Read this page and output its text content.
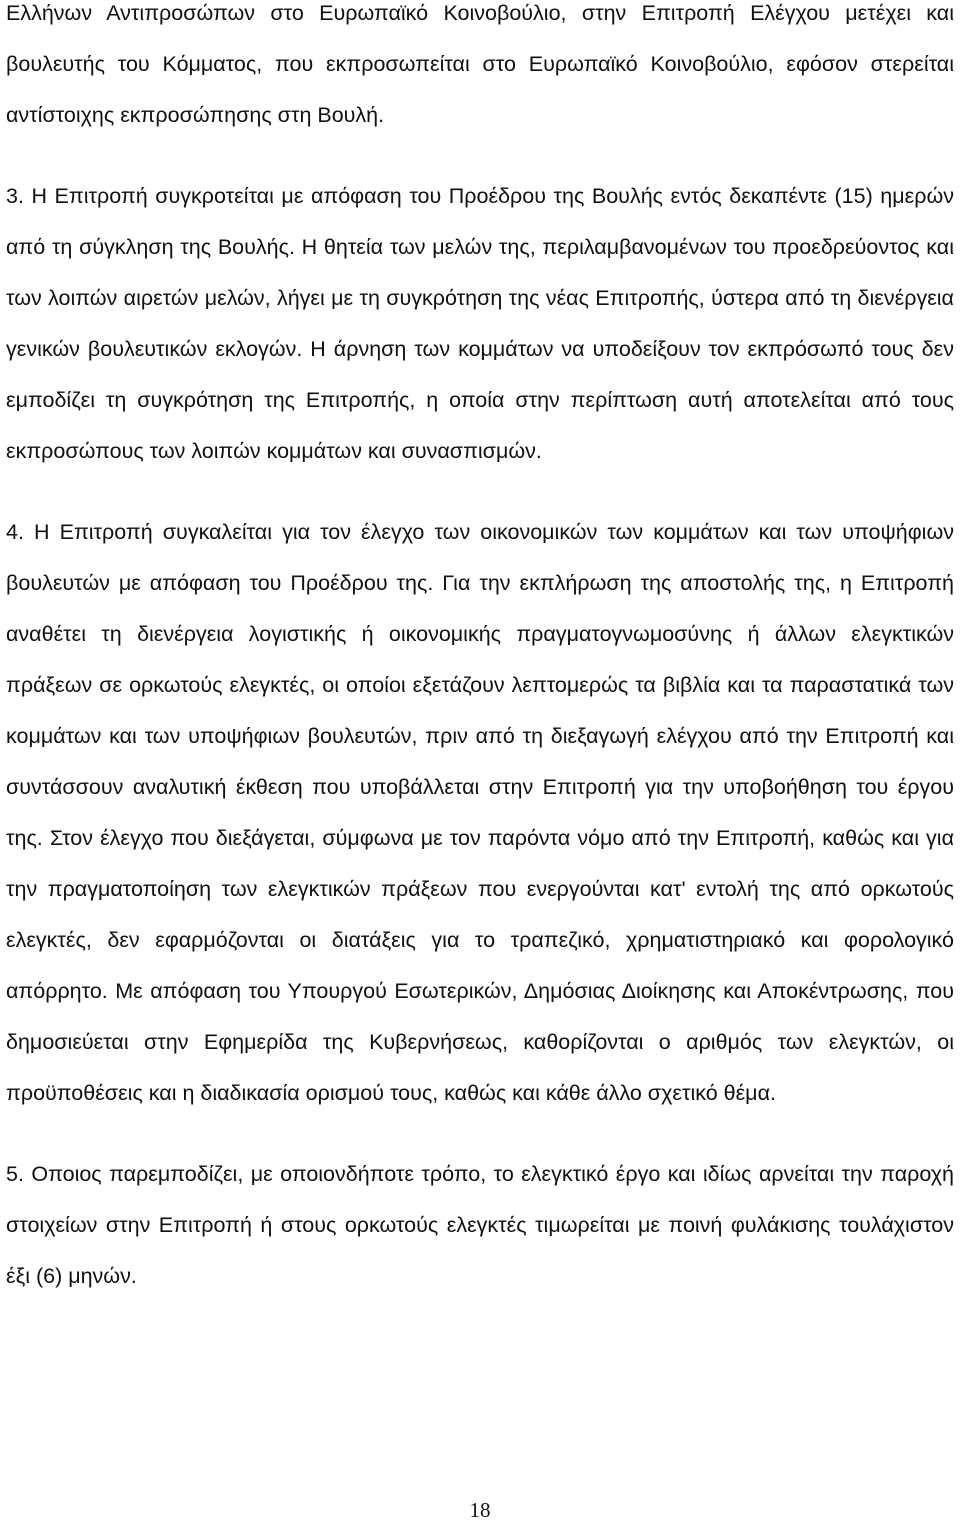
Ελλήνων Αντιπροσώπων στο Ευρωπαϊκό Κοινοβούλιο, στην Επιτροπή Ελέγχου μετέχει και βουλευτής του Κόμματος, που εκπροσωπείται στο Ευρωπαϊκό Κοινοβούλιο, εφόσον στερείται αντίστοιχης εκπροσώπησης στη Βουλή.

3. Η Επιτροπή συγκροτείται με απόφαση του Προέδρου της Βουλής εντός δεκαπέντε (15) ημερών από τη σύγκληση της Βουλής. Η θητεία των μελών της, περιλαμβανομένων του προεδρεύοντος και των λοιπών αιρετών μελών, λήγει με τη συγκρότηση της νέας Επιτροπής, ύστερα από τη διενέργεια γενικών βουλευτικών εκλογών. Η άρνηση των κομμάτων να υποδείξουν τον εκπρόσωπό τους δεν εμποδίζει τη συγκρότηση της Επιτροπής, η οποία στην περίπτωση αυτή αποτελείται από τους εκπροσώπους των λοιπών κομμάτων και συνασπισμών.

4. Η Επιτροπή συγκαλείται για τον έλεγχο των οικονομικών των κομμάτων και των υποψήφιων βουλευτών με απόφαση του Προέδρου της. Για την εκπλήρωση της αποστολής της, η Επιτροπή αναθέτει τη διενέργεια λογιστικής ή οικονομικής πραγματογνωμοσύνης ή άλλων ελεγκτικών πράξεων σε ορκωτούς ελεγκτές, οι οποίοι εξετάζουν λεπτομερώς τα βιβλία και τα παραστατικά των κομμάτων και των υποψήφιων βουλευτών, πριν από τη διεξαγωγή ελέγχου από την Επιτροπή και συντάσσουν αναλυτική έκθεση που υποβάλλεται στην Επιτροπή για την υποβοήθηση του έργου της. Στον έλεγχο που διεξάγεται, σύμφωνα με τον παρόντα νόμο από την Επιτροπή, καθώς και για την πραγματοποίηση των ελεγκτικών πράξεων που ενεργούνται κατ' εντολή της από ορκωτούς ελεγκτές, δεν εφαρμόζονται οι διατάξεις για το τραπεζικό, χρηματιστηριακό και φορολογικό απόρρητο. Με απόφαση του Υπουργού Εσωτερικών, Δημόσιας Διοίκησης και Αποκέντρωσης, που δημοσιεύεται στην Εφημερίδα της Κυβερνήσεως, καθορίζονται ο αριθμός των ελεγκτών, οι προϋποθέσεις και η διαδικασία ορισμού τους, καθώς και κάθε άλλο σχετικό θέμα.

5. Οποιος παρεμποδίζει, με οποιονδήποτε τρόπο, το ελεγκτικό έργο και ιδίως αρνείται την παροχή στοιχείων στην Επιτροπή ή στους ορκωτούς ελεγκτές τιμωρείται με ποινή φυλάκισης τουλάχιστον έξι (6) μηνών.

18
